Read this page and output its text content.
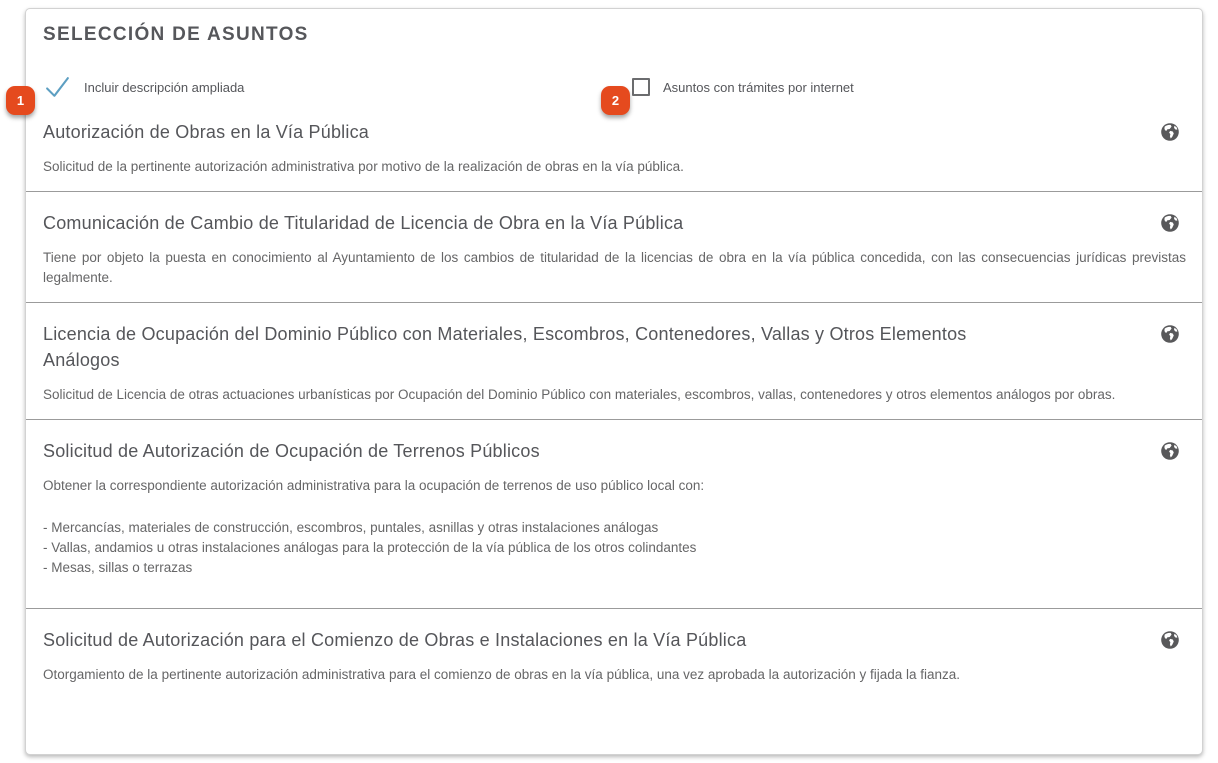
1	2
SELECCIÓN DE ASUNTOS
Incluir descripción ampliada	Asuntos con trámites por internet
Autorización de Obras en la Vía Pública

Solicitud de la pertinente autorización administrativa por motivo de la realización de obras en la vía pública.

Comunicación de Cambio de Titularidad de Licencia de Obra en la Vía Pública

Tiene por objeto la puesta en conocimiento al Ayuntamiento de los cambios de titularidad de la licencias de obra en la vía pública concedida, con las consecuencias jurídicas previstas legalmente.

Licencia de Ocupación del Dominio Público con Materiales, Escombros, Contenedores, Vallas y Otros Elementos Análogos

Solicitud de Licencia de otras actuaciones urbanísticas por Ocupación del Dominio Público con materiales, escombros, vallas, contenedores y otros elementos análogos por obras.

Solicitud de Autorización de Ocupación de Terrenos Públicos

Obtener la correspondiente autorización administrativa para la ocupación de terrenos de uso público local con:

- Mercancías, materiales de construcción, escombros, puntales, asnillas y otras instalaciones análogas
- Vallas, andamios u otras instalaciones análogas para la protección de la vía pública de los otros colindantes
- Mesas, sillas o terrazas
Solicitud de Autorización para el Comienzo de Obras e Instalaciones en la Vía Pública

Otorgamiento de la pertinente autorización administrativa para el comienzo de obras en la vía pública, una vez aprobada la autorización y fijada la fianza.
